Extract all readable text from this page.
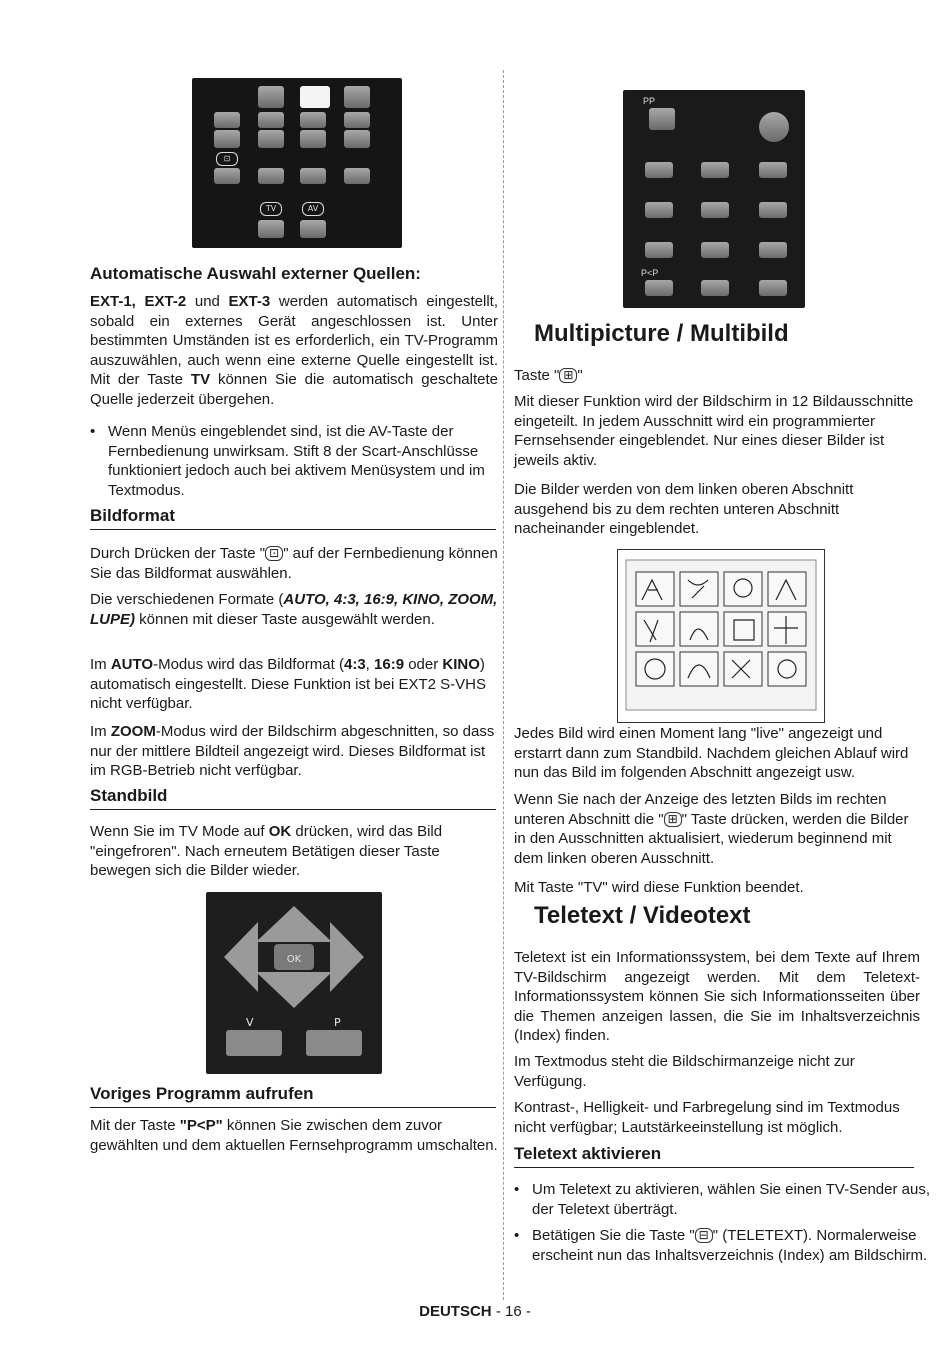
⊡
TV	AV

Automatische Auswahl externer Quellen:

EXT-1, EXT-2 und EXT-3 werden automatisch eingestellt, sobald ein externes Gerät angeschlossen ist. Unter bestimmten Umständen ist es erforderlich, ein TV-Programm auszuwählen, auch wenn eine externe Quelle eingestellt ist. Mit der Taste TV können Sie die automatisch geschaltete Quelle jederzeit übergehen.

• Wenn Menüs eingeblendet sind, ist die AV-Taste der Fernbedienung unwirksam. Stift 8 der Scart-Anschlüsse funktioniert jedoch auch bei aktivem Menüsystem und im Textmodus.

Bildformat

Durch Drücken der Taste " ⊡ " auf der Fernbedienung können Sie das Bildformat auswählen.

Die verschiedenen Formate (AUTO, 4:3, 16:9, KINO, ZOOM, LUPE) können mit dieser Taste ausgewählt werden.

Im AUTO-Modus wird das Bildformat (4:3, 16:9 oder KINO) automatisch eingestellt. Diese Funktion ist bei EXT2 S-VHS nicht verfügbar.

Im ZOOM-Modus wird der Bildschirm abgeschnitten, so dass nur der mittlere Bildteil angezeigt wird. Dieses Bildformat ist im RGB-Betrieb nicht verfügbar.

Standbild

Wenn Sie im TV Mode auf OK drücken, wird das Bild "eingefroren". Nach erneutem Betätigen dieser Taste bewegen sich die Bilder wieder.

OK
V	P

Voriges Programm aufrufen

Mit der Taste "P<P" können Sie zwischen dem zuvor gewählten und dem aktuellen Fernsehprogramm umschalten.

PP
P<P

Multipicture / Multibild

Taste " ⊞ "

Mit dieser Funktion wird der Bildschirm in 12 Bildausschnitte eingeteilt. In jedem Ausschnitt wird ein programmierter Fernsehsender eingeblendet. Nur eines dieser Bilder ist jeweils aktiv.

Die Bilder werden von dem linken oberen Abschnitt ausgehend bis zu dem rechten unteren Abschnitt nacheinander eingeblendet.

Jedes Bild wird einen Moment lang "live" angezeigt und erstarrt dann zum Standbild. Nachdem gleichen Ablauf wird nun das Bild im folgenden Abschnitt angezeigt usw.

Wenn Sie nach der Anzeige des letzten Bilds im rechten unteren Abschnitt die " ⊞ " Taste drücken, werden die Bilder in den Ausschnitten aktualisiert, wiederum beginnend mit dem linken oberen Ausschnitt.

Mit Taste "TV" wird diese Funktion beendet.

Teletext / Videotext

Teletext ist ein Informationssystem, bei dem Texte auf Ihrem TV-Bildschirm angezeigt werden. Mit dem Teletext-Informationssystem können Sie sich Informationsseiten über die Themen anzeigen lassen, die Sie im Inhaltsverzeichnis (Index) finden.

Im Textmodus steht die Bildschirmanzeige nicht zur Verfügung.

Kontrast-, Helligkeit- und Farbregelung sind im Textmodus nicht verfügbar; Lautstärkeeinstellung ist möglich.

Teletext aktivieren

• Um Teletext zu aktivieren, wählen Sie einen TV-Sender aus, der Teletext überträgt.

• Betätigen Sie die Taste " ⊟ " (TELETEXT). Normalerweise erscheint nun das Inhaltsverzeichnis (Index) am Bildschirm.

DEUTSCH - 16 -
